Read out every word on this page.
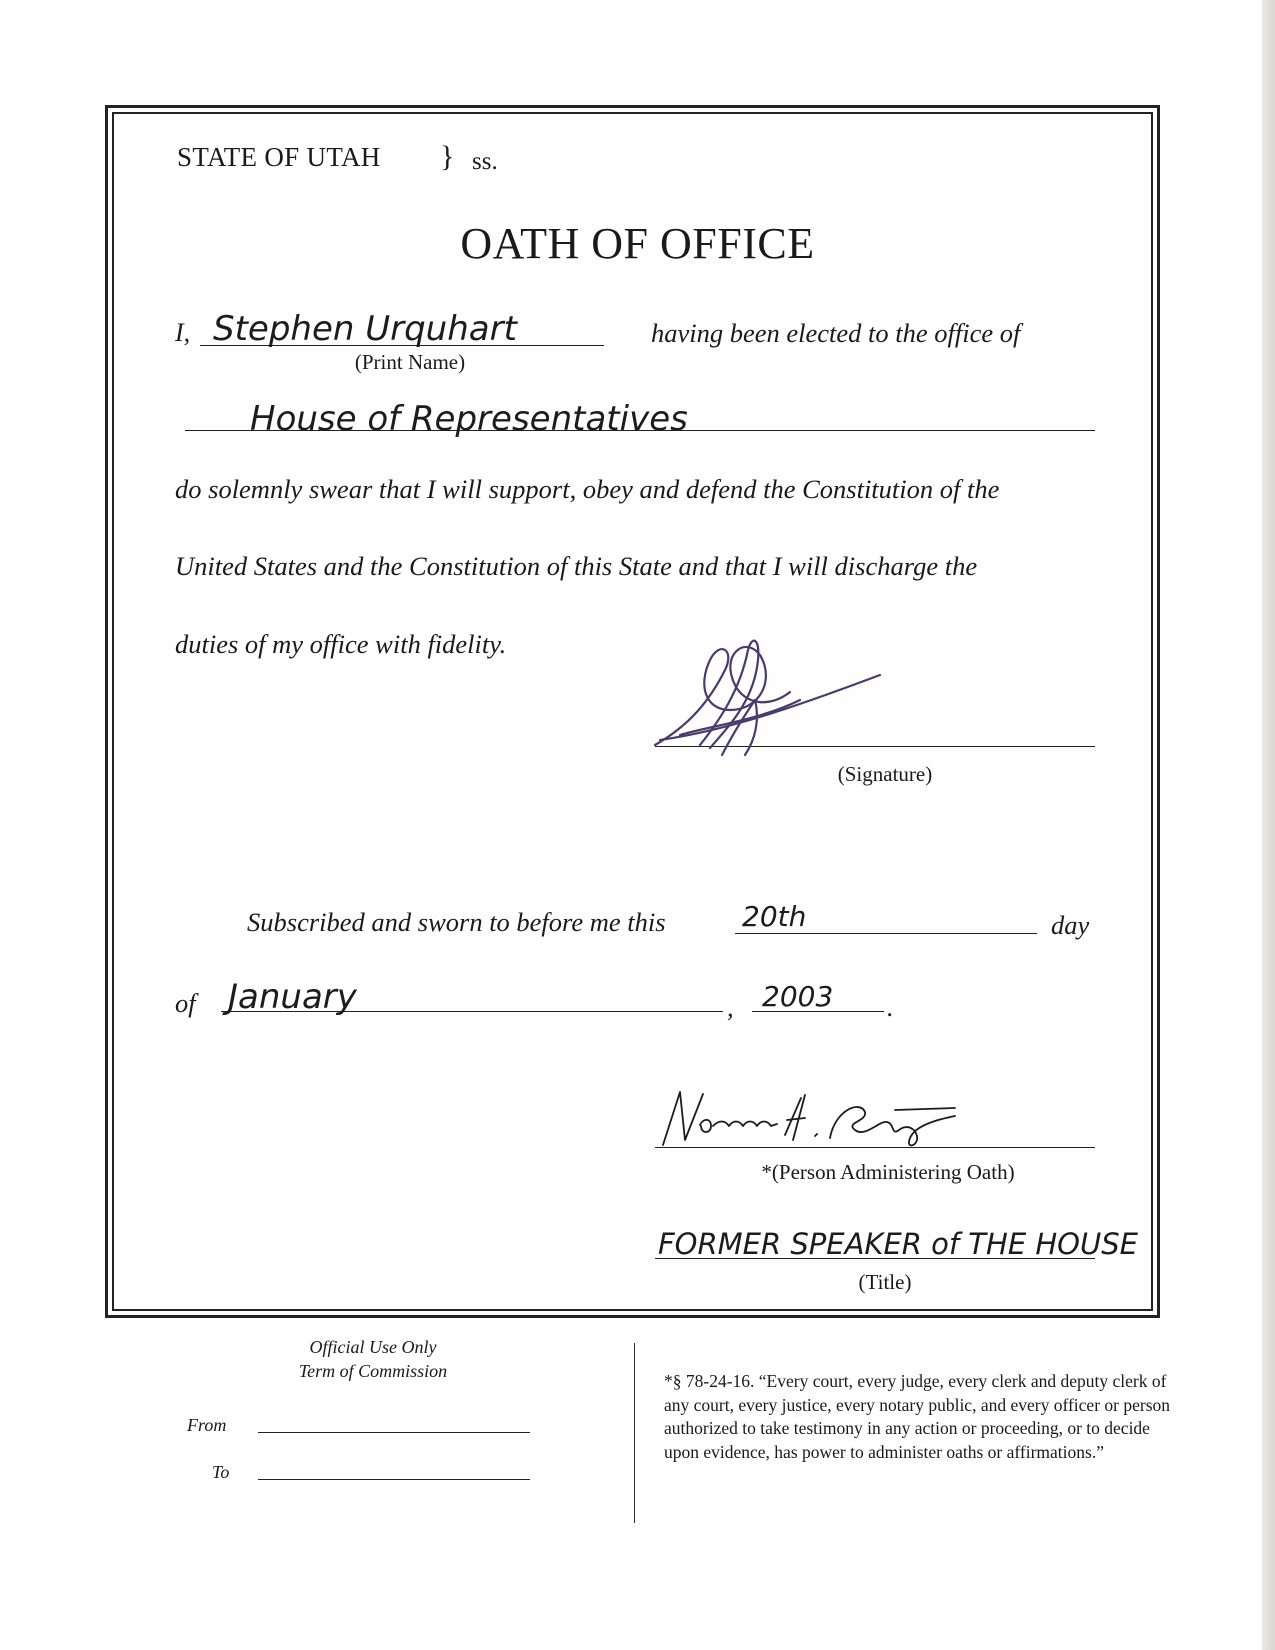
STATE OF UTAH } ss.
OATH OF OFFICE
I, Stephen Urquhart
(Print Name)
having been elected to the office of
House of Representatives
do solemnly swear that I will support, obey and defend the Constitution of the
United States and the Constitution of this State and that I will discharge the
duties of my office with fidelity.
(Signature)
Subscribed and sworn to before me this	20th	day
of January	, 2003 .
*(Person Administering Oath)
FORMER SPEAKER of THE HOUSE
(Title)
Official Use Only
Term of Commission
From
To
*§ 78-24-16. “Every court, every judge, every clerk and deputy clerk of any court, every justice, every notary public, and every officer or person authorized to take testimony in any action or proceeding, or to decide upon evidence, has power to administer oaths or affirmations.”
